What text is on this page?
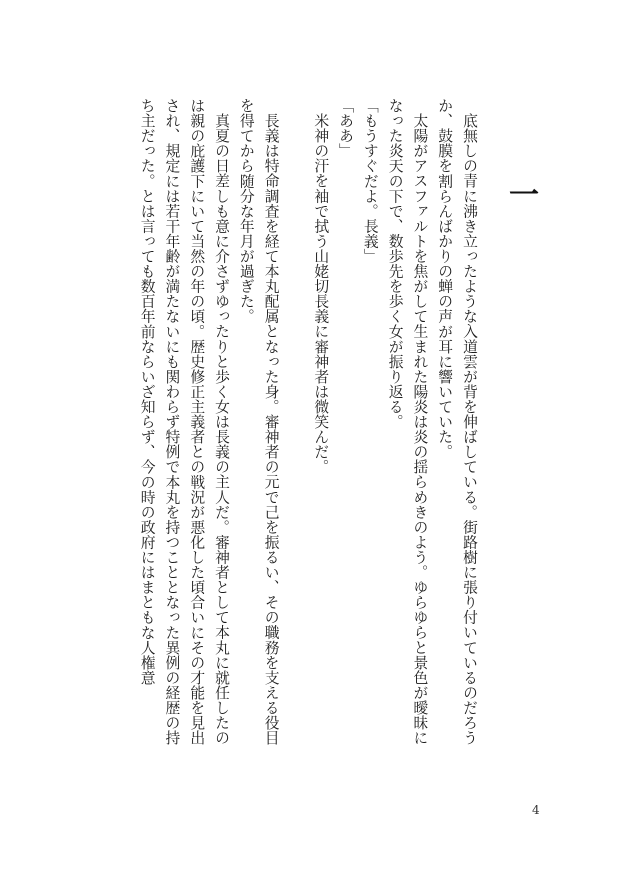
一

底無しの青に沸き立ったような入道雲が背を伸ばしている。街路樹に張り付いているのだろうか、鼓膜を割らんばかりの蝉の声が耳に響いていた。

太陽がアスファルトを焦がして生まれた陽炎は炎の揺らめきのよう。ゆらゆらと景色が曖昧になった炎天の下で、数歩先を歩く女が振り返る。

「もうすぐだよ。長義」

「ああ」

米神の汗を袖で拭う山姥切長義に審神者は微笑んだ。

長義は特命調査を経て本丸配属となった身。審神者の元で己を振るい、その職務を支える役目を得てから随分な年月が過ぎた。

真夏の日差しも意に介さずゆったりと歩く女は長義の主人だ。審神者として本丸に就任したのは親の庇護下にいて当然の年の頃。歴史修正主義者との戦況が悪化した頃合いにその才能を見出され、規定には若干年齢が満たないにも関わらず特例で本丸を持つこととなった異例の経歴の持ち主だった。とは言っても数百年前ならいざ知らず、今の時の政府にはまともな人権意

4
